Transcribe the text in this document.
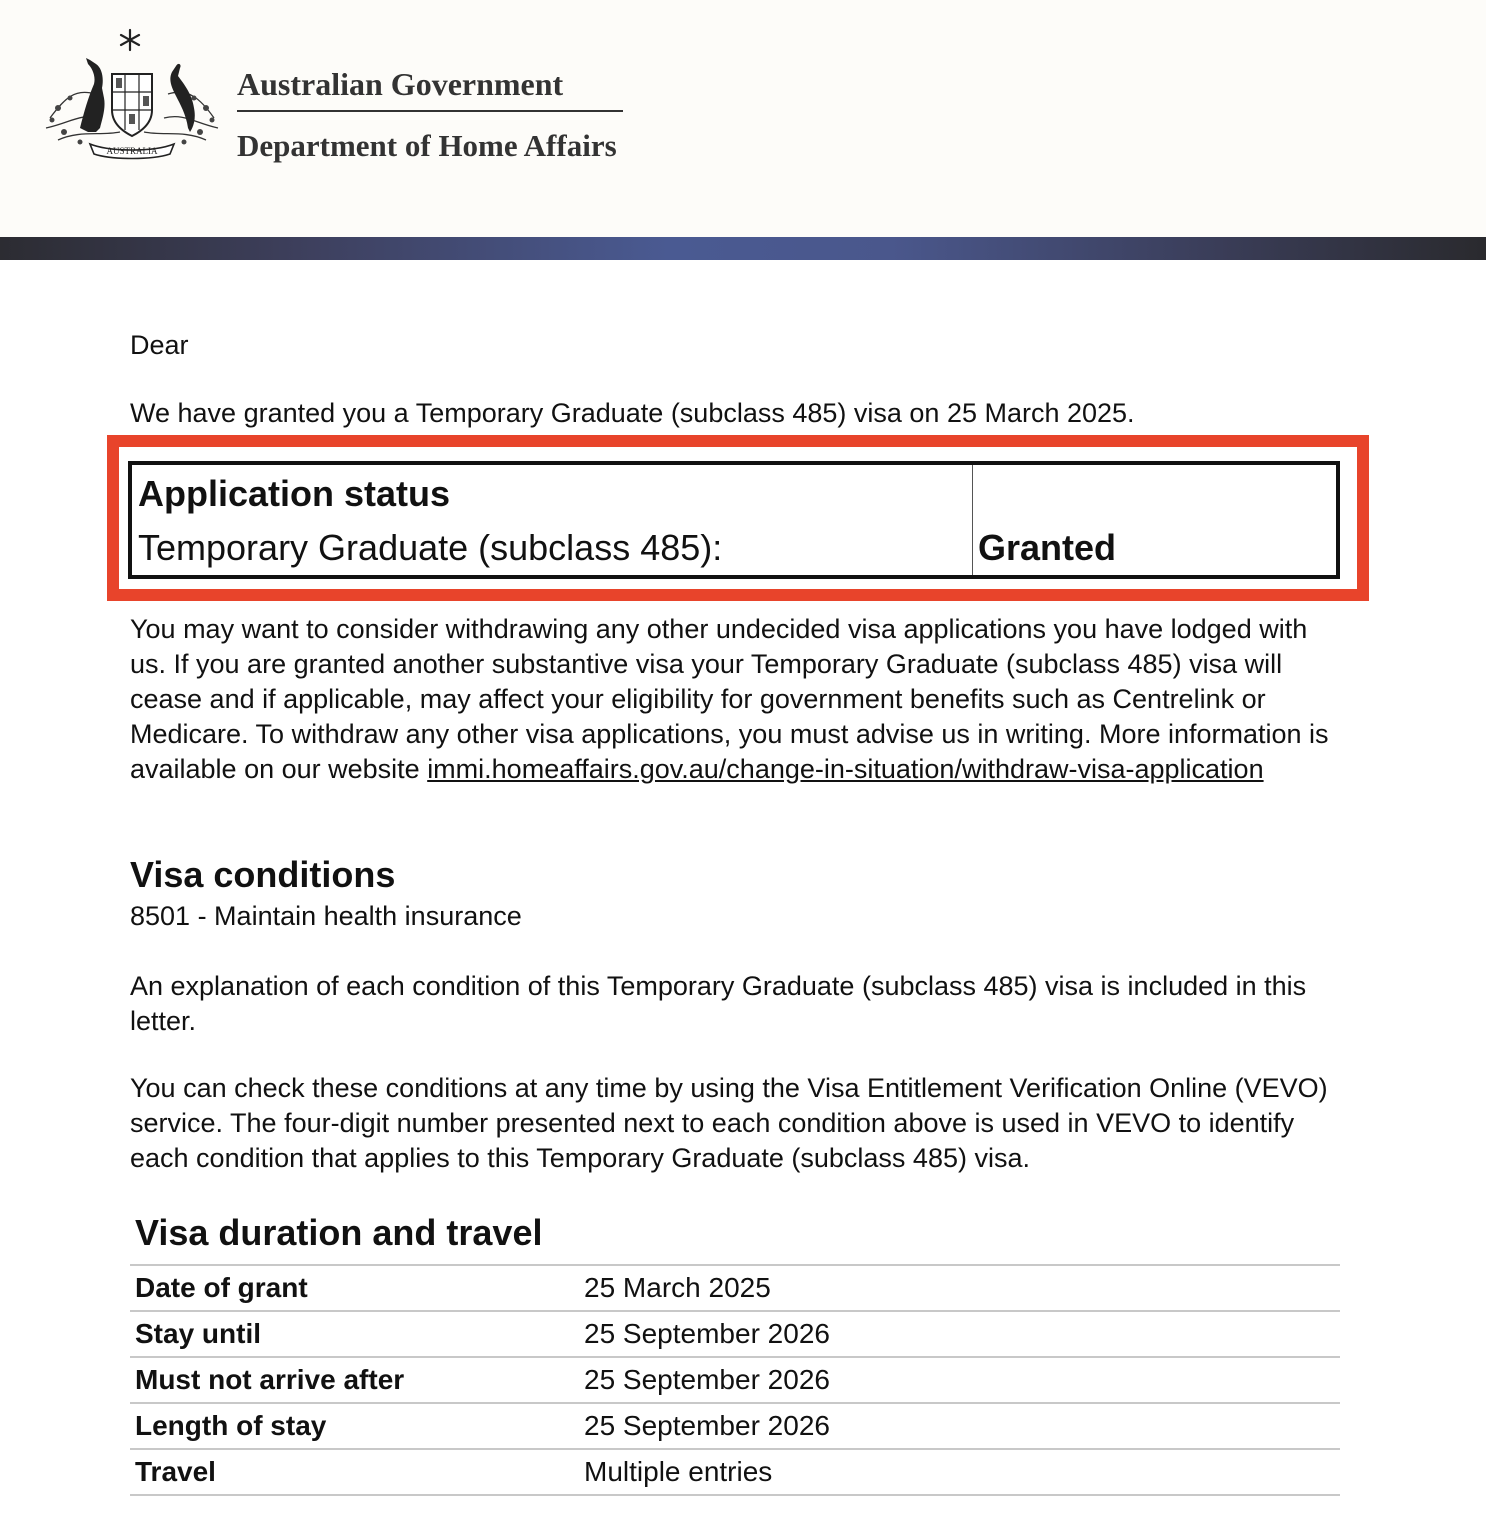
AUSTRALIA
Australian Government
Department of Home Affairs
Dear
We have granted you a Temporary Graduate (subclass 485) visa on 25 March 2025.
Application status
Temporary Graduate (subclass 485):	Granted
You may want to consider withdrawing any other undecided visa applications you have lodged with us. If you are granted another substantive visa your Temporary Graduate (subclass 485) visa will cease and if applicable, may affect your eligibility for government benefits such as Centrelink or Medicare. To withdraw any other visa applications, you must advise us in writing. More information is available on our website immi.homeaffairs.gov.au/change-in-situation/withdraw-visa-application
Visa conditions
8501 - Maintain health insurance
An explanation of each condition of this Temporary Graduate (subclass 485) visa is included in this letter.
You can check these conditions at any time by using the Visa Entitlement Verification Online (VEVO) service. The four-digit number presented next to each condition above is used in VEVO to identify each condition that applies to this Temporary Graduate (subclass 485) visa.
Visa duration and travel
Date of grant	25 March 2025
Stay until	25 September 2026
Must not arrive after	25 September 2026
Length of stay	25 September 2026
Travel	Multiple entries
